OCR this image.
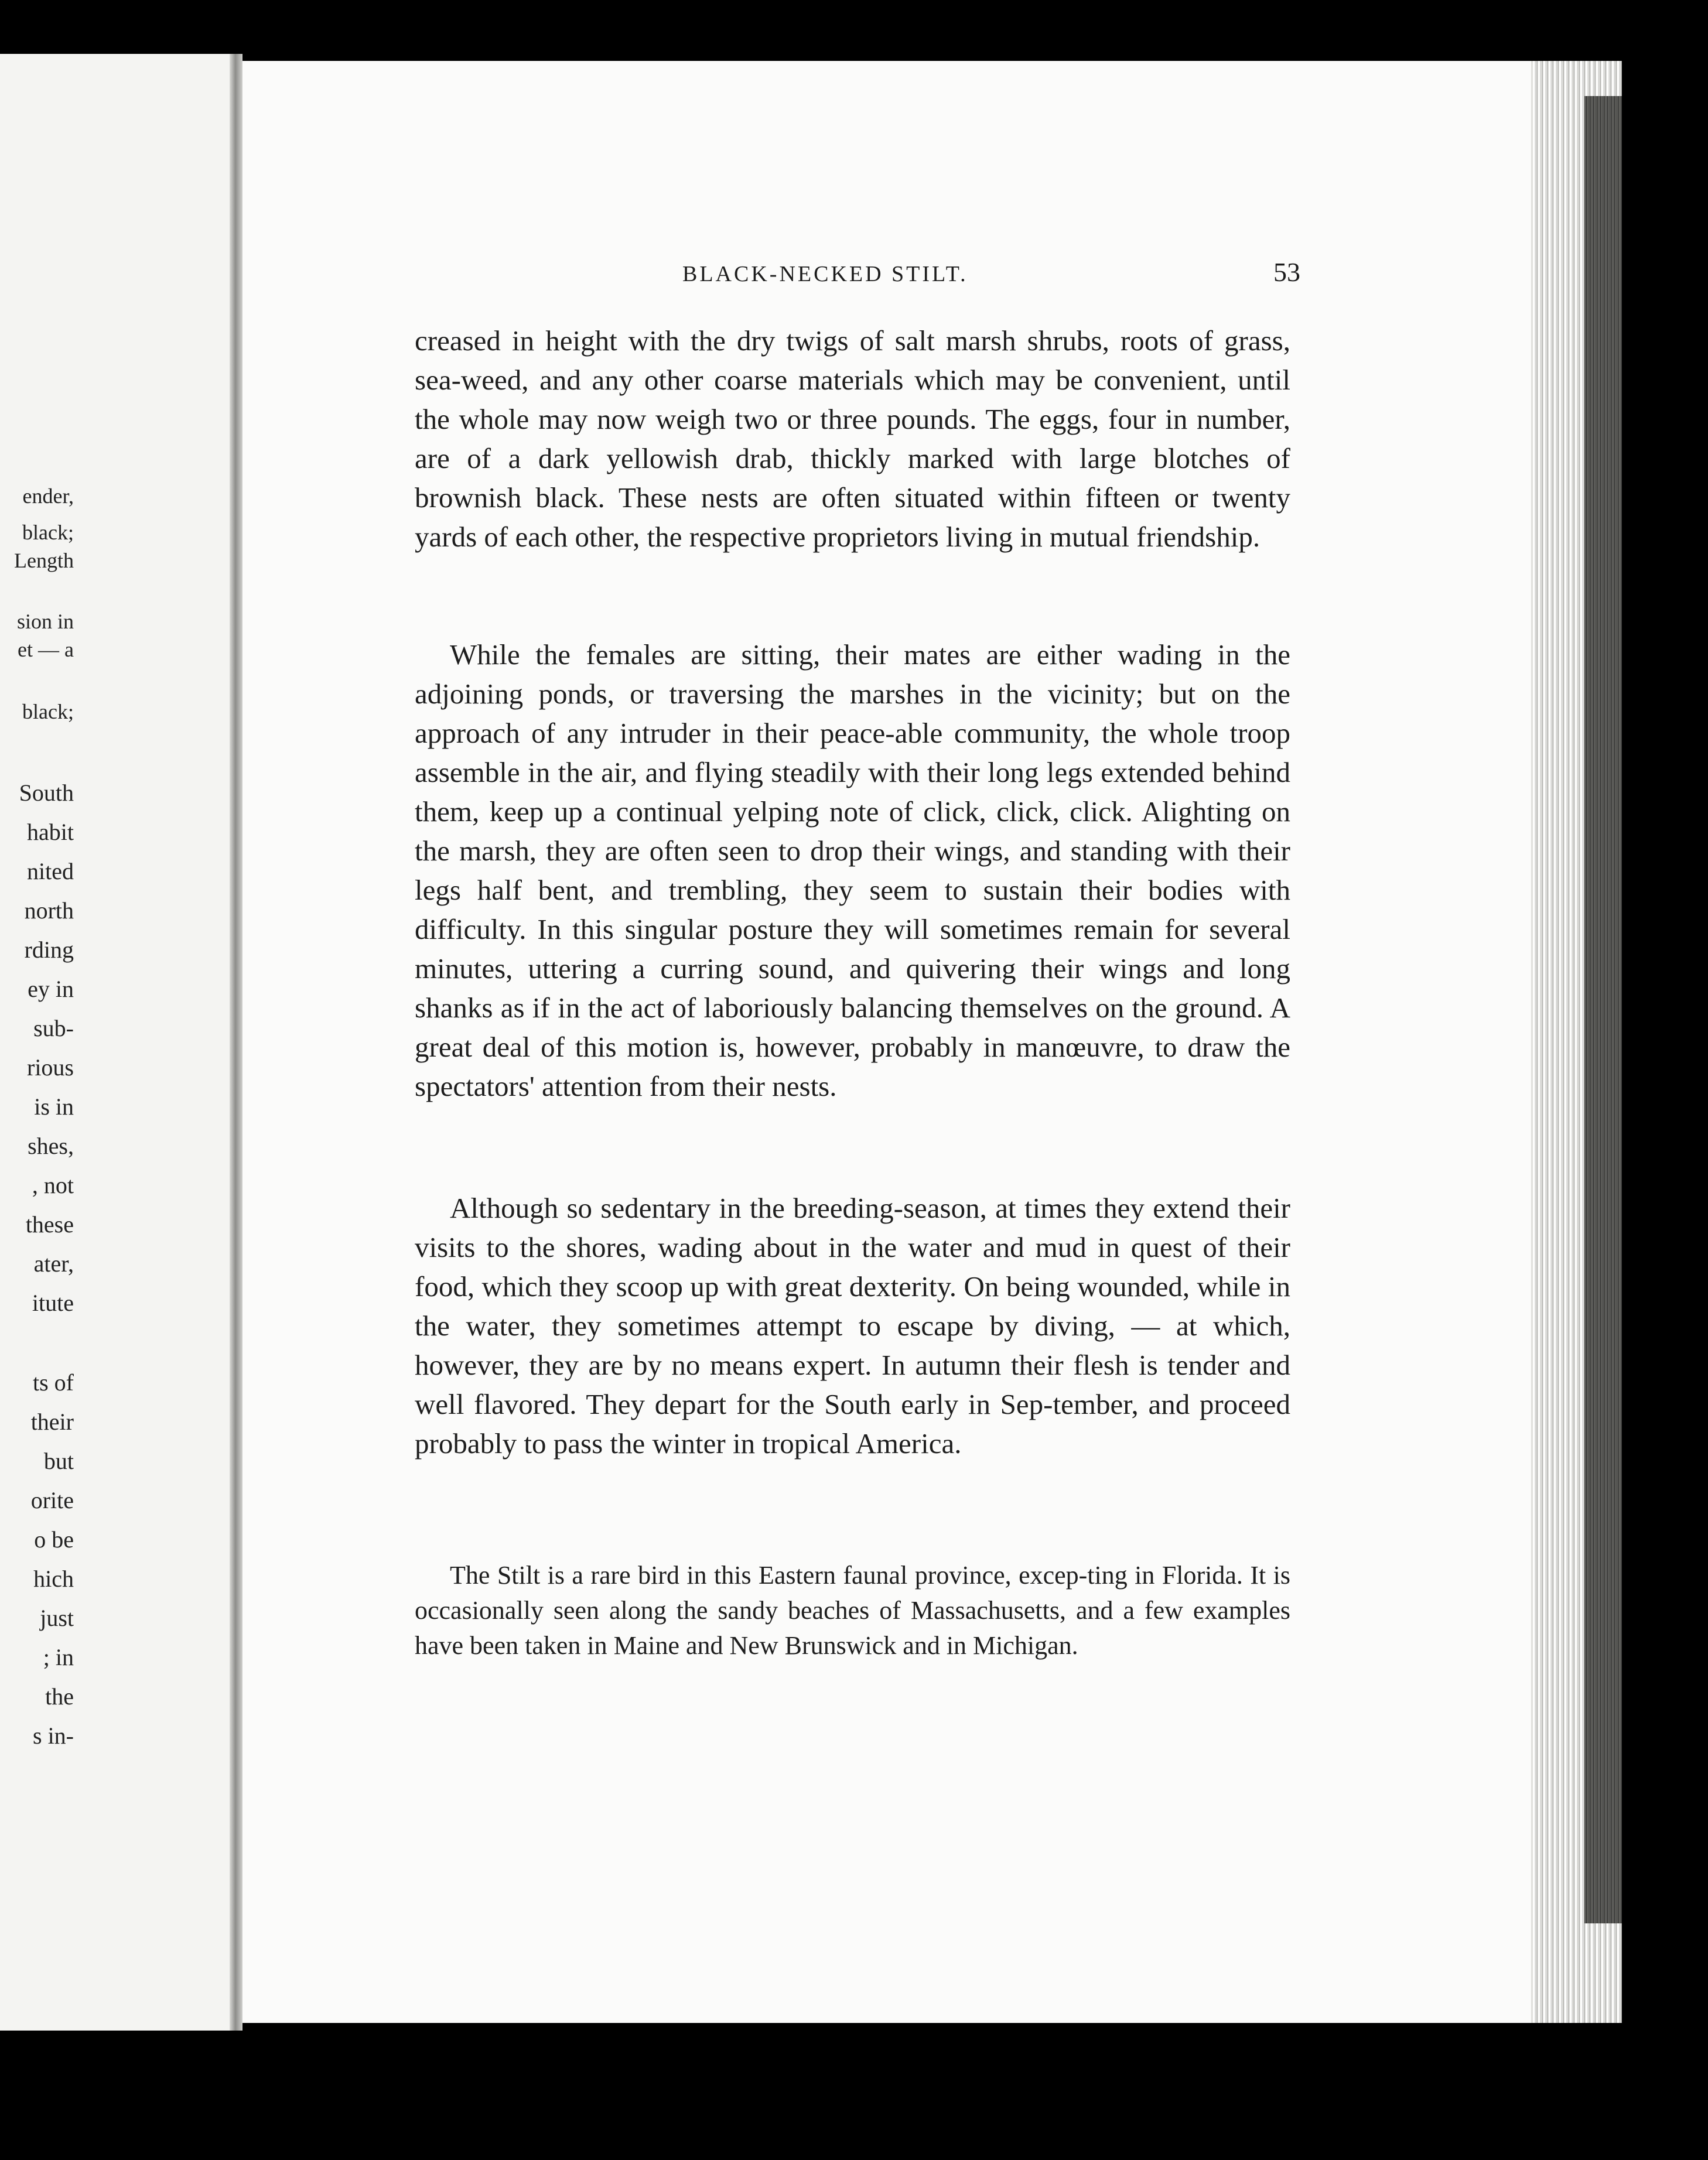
ender,
black;
Length
sion in
et — a
black;
South
habit
nited
north
rding
ey in
sub-
rious
is in
shes,
, not
these
ater,
itute
ts of
their
but
orite
o be
hich
just
; in
the
s in-
BLACK-NECKED STILT.	53
creased in height with the dry twigs of salt marsh shrubs, roots of grass, sea-weed, and any other coarse materials which may be convenient, until the whole may now weigh two or three pounds. The eggs, four in number, are of a dark yellowish drab, thickly marked with large blotches of brownish black. These nests are often situated within fifteen or twenty yards of each other, the respective proprietors living in mutual friendship.
While the females are sitting, their mates are either wading in the adjoining ponds, or traversing the marshes in the vicinity; but on the approach of any intruder in their peace-able community, the whole troop assemble in the air, and flying steadily with their long legs extended behind them, keep up a continual yelping note of click, click, click. Alighting on the marsh, they are often seen to drop their wings, and standing with their legs half bent, and trembling, they seem to sustain their bodies with difficulty. In this singular posture they will sometimes remain for several minutes, uttering a curring sound, and quivering their wings and long shanks as if in the act of laboriously balancing themselves on the ground. A great deal of this motion is, however, probably in manœuvre, to draw the spectators' attention from their nests.
Although so sedentary in the breeding-season, at times they extend their visits to the shores, wading about in the water and mud in quest of their food, which they scoop up with great dexterity. On being wounded, while in the water, they sometimes attempt to escape by diving, — at which, however, they are by no means expert. In autumn their flesh is tender and well flavored. They depart for the South early in Sep-tember, and proceed probably to pass the winter in tropical America.
The Stilt is a rare bird in this Eastern faunal province, excep-ting in Florida. It is occasionally seen along the sandy beaches of Massachusetts, and a few examples have been taken in Maine and New Brunswick and in Michigan.
